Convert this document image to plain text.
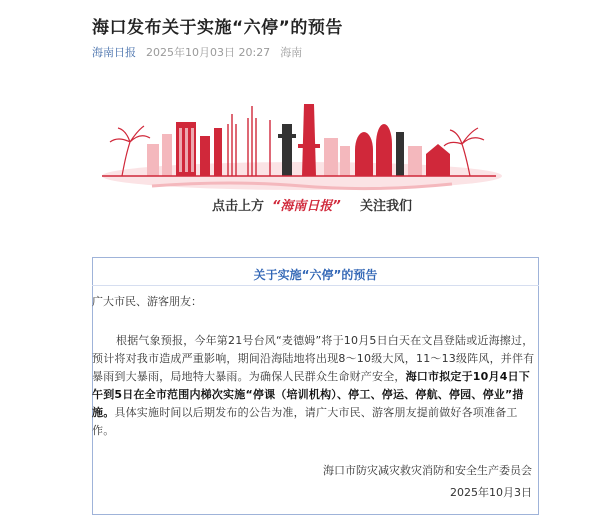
海口发布关于实施“六停”的预告
海南日报 2025年10月03日 20:27 海南
点击上方 “海南日报” 关注我们
关于实施“六停”的预告
广大市民、游客朋友：
根据气象预报，今年第21号台风“麦德姆”将于10月5日白天在文昌登陆或近海擦过，预计将对我市造成严重影响，期间沿海陆地将出现8～10级大风，11～13级阵风，并伴有暴雨到大暴雨，局地特大暴雨。为确保人民群众生命财产安全，海口市拟定于10月4日下午到5日在全市范围内梯次实施“停课（培训机构）、停工、停运、停航、停园、停业”措施。具体实施时间以后期发布的公告为准，请广大市民、游客朋友提前做好各项准备工作。
海口市防灾减灾救灾消防和安全生产委员会
2025年10月3日
